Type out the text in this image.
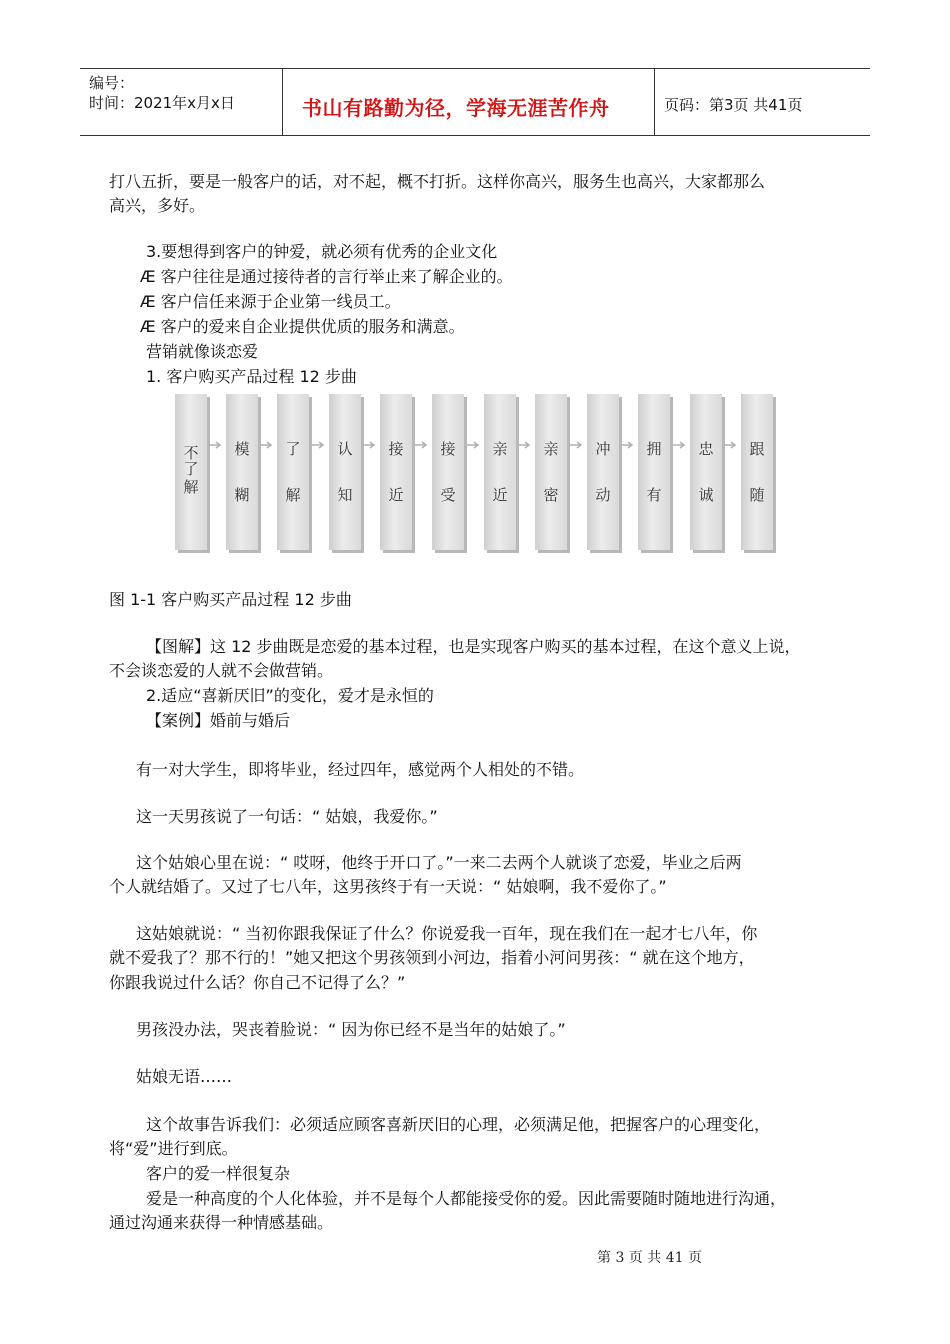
编号：
时间：2021年x月x日	书山有路勤为径，学海无涯苦作舟	页码：第3页 共41页
打八五折，要是一般客户的话，对不起，概不打折。这样你高兴，服务生也高兴，大家都那么
高兴，多好。
3.要想得到客户的钟爱，就必须有优秀的企业文化
Æ 客户往往是通过接待者的言行举止来了解企业的。
Æ 客户信任来源于企业第一线员工。
Æ 客户的爱来自企业提供优质的服务和满意。
营销就像谈恋爱
1. 客户购买产品过程 12 步曲
不
了
解
模
糊
了
解
认
知
接
近
接
受
亲
近
亲
密
冲
动
拥
有
忠
诚
跟
随
图 1-1 客户购买产品过程 12 步曲
【图解】这 12 步曲既是恋爱的基本过程，也是实现客户购买的基本过程，在这个意义上说，
不会谈恋爱的人就不会做营销。
2.适应“喜新厌旧”的变化，爱才是永恒的
【案例】婚前与婚后
有一对大学生，即将毕业，经过四年，感觉两个人相处的不错。
这一天男孩说了一句话：“ 姑娘，我爱你。”
这个姑娘心里在说：“ 哎呀，他终于开口了。”一来二去两个人就谈了恋爱，毕业之后两
个人就结婚了。又过了七八年，这男孩终于有一天说：“ 姑娘啊，我不爱你了。”
这姑娘就说：“ 当初你跟我保证了什么？你说爱我一百年，现在我们在一起才七八年，你
就不爱我了？那不行的！”她又把这个男孩领到小河边，指着小河问男孩：“ 就在这个地方，
你跟我说过什么话？你自己不记得了么？”
男孩没办法，哭丧着脸说：“ 因为你已经不是当年的姑娘了。”
姑娘无语……
这个故事告诉我们：必须适应顾客喜新厌旧的心理，必须满足他，把握客户的心理变化，
将“爱”进行到底。
客户的爱一样很复杂
爱是一种高度的个人化体验，并不是每个人都能接受你的爱。因此需要随时随地进行沟通，
通过沟通来获得一种情感基础。
第 3 页 共 41 页
